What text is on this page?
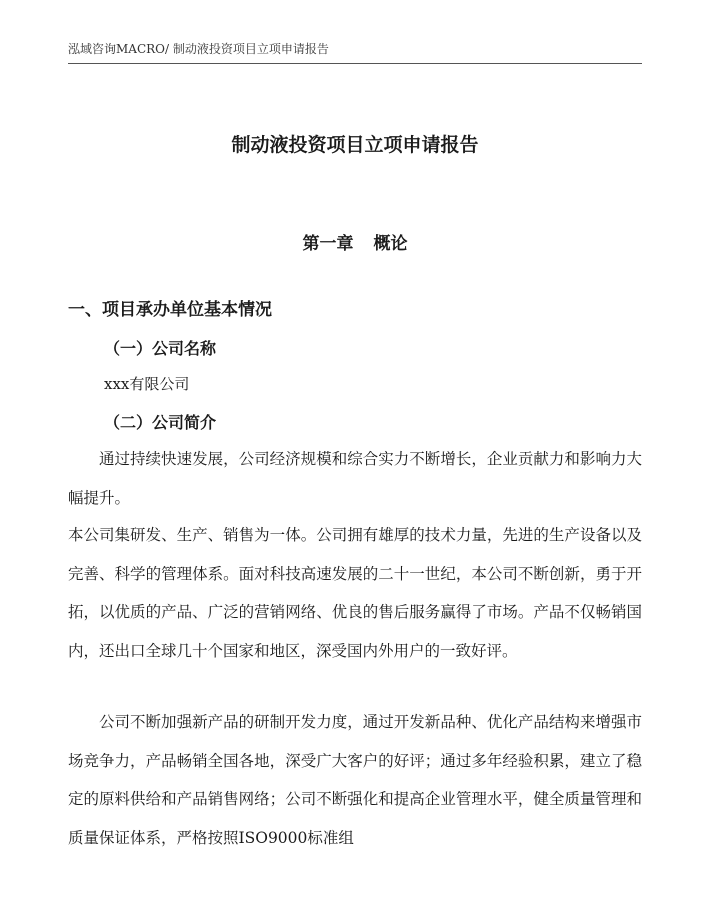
泓域咨询MACRO/ 制动液投资项目立项申请报告
制动液投资项目立项申请报告
第一章 概论
一、项目承办单位基本情况
（一）公司名称
xxx有限公司
（二）公司简介

通过持续快速发展，公司经济规模和综合实力不断增长，企业贡献力和影响力大幅提升。

本公司集研发、生产、销售为一体。公司拥有雄厚的技术力量，先进的生产设备以及完善、科学的管理体系。面对科技高速发展的二十一世纪，本公司不断创新，勇于开拓，以优质的产品、广泛的营销网络、优良的售后服务赢得了市场。产品不仅畅销国内，还出口全球几十个国家和地区，深受国内外用户的一致好评。

公司不断加强新产品的研制开发力度，通过开发新品种、优化产品结构来增强市场竞争力，产品畅销全国各地，深受广大客户的好评；通过多年经验积累，建立了稳定的原料供给和产品销售网络；公司不断强化和提高企业管理水平，健全质量管理和质量保证体系，严格按照ISO9000标准组
